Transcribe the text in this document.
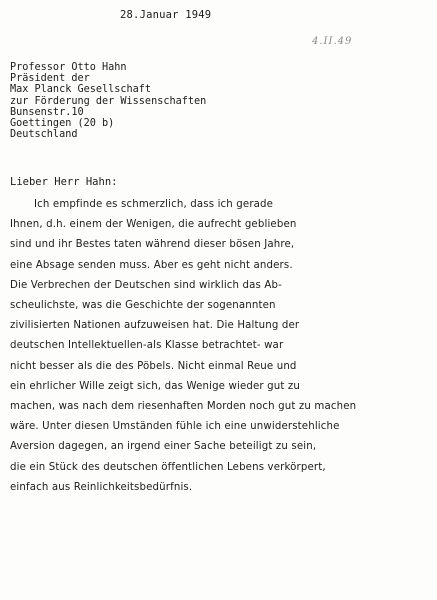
28.Januar 1949
4.II.49
Professor Otto Hahn
Präsident der
Max Planck Gesellschaft
zur Förderung der Wissenschaften
Bunsenstr.10
Goettingen (20 b)
Deutschland
Lieber Herr Hahn:
Ich empfinde es schmerzlich, dass ich gerade
Ihnen, d.h. einem der Wenigen, die aufrecht geblieben
sind und ihr Bestes taten während dieser bösen Jahre,
eine Absage senden muss. Aber es geht nicht anders.
Die Verbrechen der Deutschen sind wirklich das Ab-
scheulichste, was die Geschichte der sogenannten
zivilisierten Nationen aufzuweisen hat. Die Haltung der
deutschen Intellektuellen-als Klasse betrachtet- war
nicht besser als die des Pöbels. Nicht einmal Reue und
ein ehrlicher Wille zeigt sich, das Wenige wieder gut zu
machen, was nach dem riesenhaften Morden noch gut zu machen
wäre. Unter diesen Umständen fühle ich eine unwiderstehliche
Aversion dagegen, an irgend einer Sache beteiligt zu sein,
die ein Stück des deutschen öffentlichen Lebens verkörpert,
einfach aus Reinlichkeitsbedürfnis.
